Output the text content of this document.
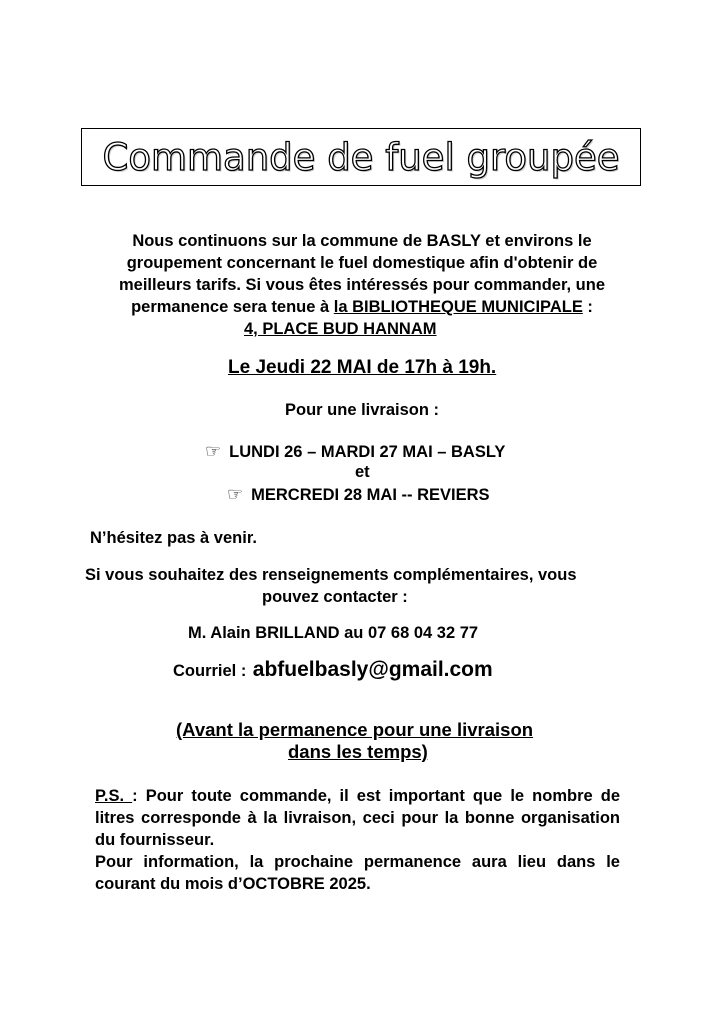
Commande de fuel groupée
Nous continuons sur la commune de BASLY et environs le
groupement concernant le fuel domestique afin d'obtenir de
meilleurs tarifs. Si vous êtes intéressés pour commander, une
permanence sera tenue à la BIBLIOTHEQUE MUNICIPALE :
4, PLACE BUD HANNAM
Le Jeudi 22 MAI de 17h à 19h.
Pour une livraison :
☞ LUNDI 26 – MARDI 27 MAI – BASLY
et
☞ MERCREDI 28 MAI -- REVIERS
N’hésitez pas à venir.
Si vous souhaitez des renseignements complémentaires, vous
pouvez contacter :
M. Alain BRILLAND au 07 68 04 32 77
Courriel : abfuelbasly@gmail.com
(Avant la permanence pour une livraison
dans les temps)
P.S. : Pour toute commande, il est important que le nombre de
litres corresponde à la livraison, ceci pour la bonne organisation
du fournisseur.
Pour information, la prochaine permanence aura lieu dans le
courant du mois d’OCTOBRE 2025.
